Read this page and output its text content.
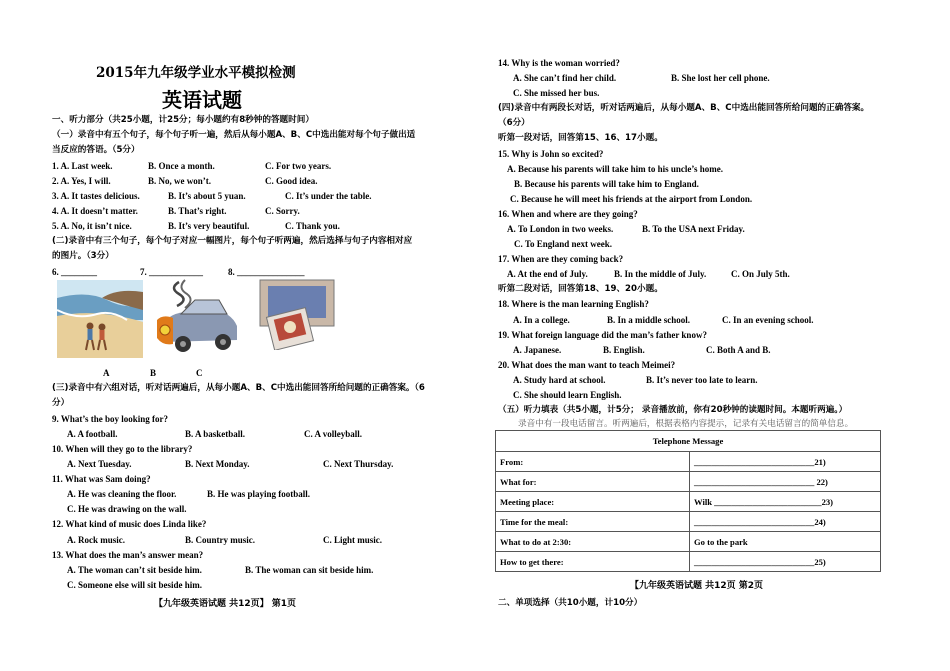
2015年九年级学业水平模拟检测
英语试题
一、听力部分（共25小题，计25分；每小题约有8秒钟的答题时间）
（一）录音中有五个句子，每个句子听一遍，然后从每小题A、B、C中选出能对每个句子做出适
当反应的答语。（5分）
1. A. Last week.	B. Once a month.	C. For two years.
2. A. Yes, I will.	B. No, we won’t.	C. Good idea.
3. A. It tastes delicious.	B. It’s about 5 yuan.	C. It’s under the table.
4. A. It doesn’t matter.	B. That’s right.	C. Sorry.
5. A. No, it isn’t nice.	B. It’s very beautiful.	C. Thank you.
(二)录音中有三个句子，每个句子对应一幅图片，每个句子听两遍，然后选择与句子内容相对应
的图片。（3分）
6. ________	7. ____________	8. _______________
A	B	C
(三)录音中有六组对话，听对话两遍后，从每小题A、B、C中选出能回答所给问题的正确答案。（6
分）
9. What’s the boy looking for?
A. A football.	B. A basketball.	C. A volleyball.
10. When will they go to the library?
A. Next Tuesday.	B. Next Monday.	C. Next Thursday.
11. What was Sam doing?
A. He was cleaning the floor.	B. He was playing football.
C. He was drawing on the wall.
12. What kind of music does Linda like?
A. Rock music.	B. Country music.	C. Light music.
13. What does the man’s answer mean?
A. The woman can’t sit beside him.	B. The woman can sit beside him.
C. Someone else will sit beside him.
【九年级英语试题 共12页】 第1页
14. Why is the woman worried?
A. She can’t find her child.	B. She lost her cell phone.
C. She missed her bus.
(四)录音中有两段长对话，听对话两遍后，从每小题A、B、C中选出能回答所给问题的正确答案。
（6分）
听第一段对话，回答第15、16、17小题。
15. Why is John so excited?
A. Because his parents will take him to his uncle’s home.
B. Because his parents will take him to England.
C. Because he will meet his friends at the airport from London.
16. When and where are they going?
A. To London in two weeks.	B. To the USA next Friday.
C. To England next week.
17. When are they coming back?
A. At the end of July.	B. In the middle of July.	C. On July 5th.
听第二段对话，回答第18、19、20小题。
18. Where is the man learning English?
A. In a college.	B. In a middle school.	C. In an evening school.
19. What foreign language did the man’s father know?
A. Japanese.	B. English.	C. Both A and B.
20. What does the man want to teach Meimei?
A. Study hard at school.	B. It’s never too late to learn.
C. She should learn English.
（五）听力填表（共5小题，计5分； 录音播放前，你有20秒钟的读题时间。本题听两遍。）
录音中有一段电话留言。听两遍后，根据表格内容提示，记录有关电话留言的简单信息。
Telephone Message	
From:	____________________________21)
What for:	____________________________ 22)
Meeting place:	Wilk _________________________23)
Time for the meal:	____________________________24)
What to do at 2:30:	Go to the park
How to get there:	____________________________25)
【九年级英语试题 共12页 第2页
二、单项选择（共10小题，计10分）
